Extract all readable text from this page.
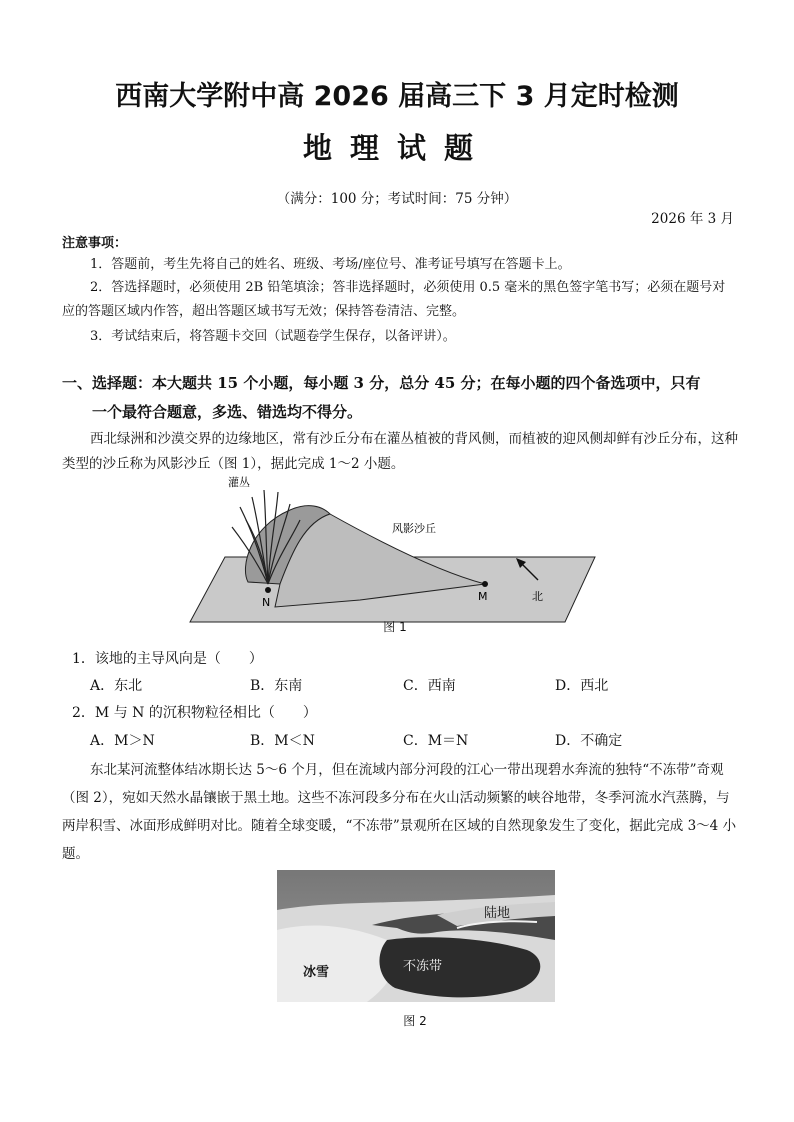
西南大学附中高 2026 届高三下 3 月定时检测
地理试题
（满分：100 分；考试时间：75 分钟）
2026 年 3 月
注意事项：
1．答题前，考生先将自己的姓名、班级、考场/座位号、准考证号填写在答题卡上。
2．答选择题时，必须使用 2B 铅笔填涂；答非选择题时，必须使用 0.5 毫米的黑色签字笔书写；必须在题号对应的答题区域内作答，超出答题区域书写无效；保持答卷清洁、完整。
3．考试结束后，将答题卡交回（试题卷学生保存，以备评讲）。
一、选择题：本大题共 15 个小题，每小题 3 分，总分 45 分；在每小题的四个备选项中，只有
一个最符合题意，多选、错选均不得分。
西北绿洲和沙漠交界的边缘地区，常有沙丘分布在灌丛植被的背风侧，而植被的迎风侧却鲜有沙丘分布，这种类型的沙丘称为风影沙丘（图 1），据此完成 1～2 小题。
灌丛
风影沙丘
N	M	北
图 1
1．该地的主导风向是（　　）
A．东北	B．东南	C．西南	D．西北
2．M 与 N 的沉积物粒径相比（　　）
A．M＞N	B．M＜N	C．M＝N	D．不确定
东北某河流整体结冰期长达 5～6 个月，但在流域内部分河段的江心一带出现碧水奔流的独特“不冻带”奇观（图 2），宛如天然水晶镶嵌于黑土地。这些不冻河段多分布在火山活动频繁的峡谷地带，冬季河流水汽蒸腾，与两岸积雪、冰面形成鲜明对比。随着全球变暖，“不冻带”景观所在区域的自然现象发生了变化，据此完成 3～4 小题。
陆地
不冻带
冰雪
图 2
